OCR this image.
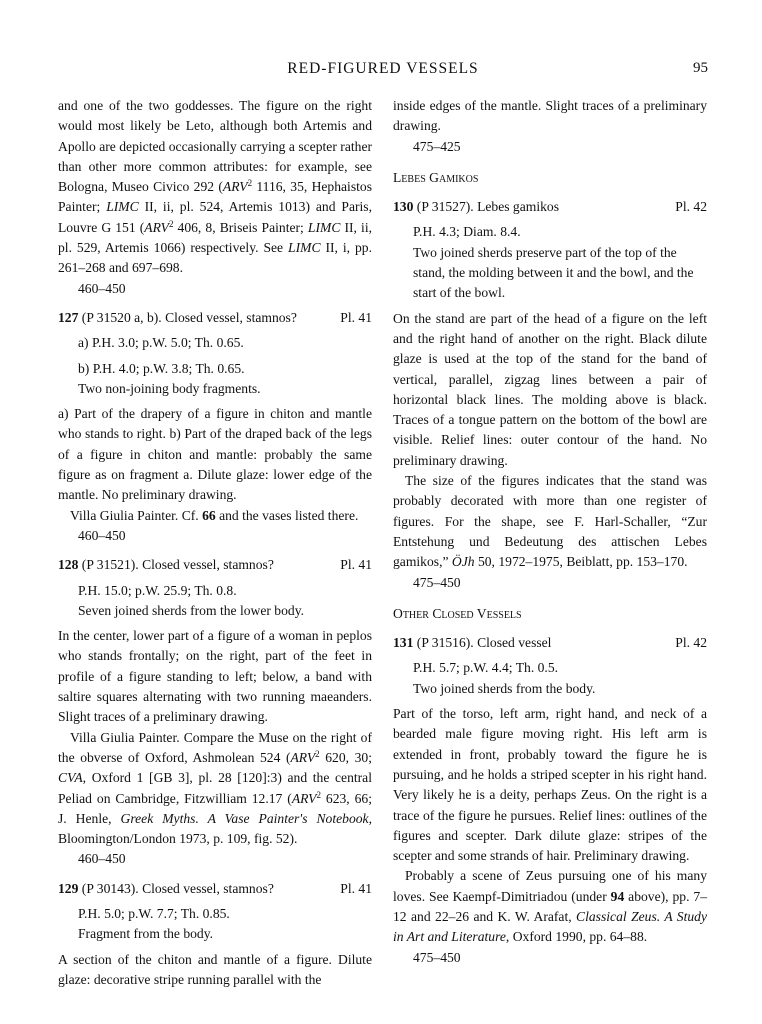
RED-FIGURED VESSELS	95

and one of the two goddesses. The figure on the right would most likely be Leto, although both Artemis and Apollo are depicted occasionally carrying a scepter rather than other more common attributes: for example, see Bologna, Museo Civico 292 (ARV$^2$ 1116, 35, Hephaistos Painter; LIMC II, ii, pl. 524, Artemis 1013) and Paris, Louvre G 151 (ARV$^2$ 406, 8, Briseis Painter; LIMC II, ii, pl. 529, Artemis 1066) respectively. See LIMC II, i, pp. 261–268 and 697–698.

460–450

127 (P 31520 a, b). Closed vessel, stamnos?	Pl. 41

a) P.H. 3.0; p.W. 5.0; Th. 0.65.

b) P.H. 4.0; p.W. 3.8; Th. 0.65.

Two non-joining body fragments.

a) Part of the drapery of a figure in chiton and mantle who stands to right. b) Part of the draped back of the legs of a figure in chiton and mantle: probably the same figure as on fragment a. Dilute glaze: lower edge of the mantle. No preliminary drawing.

Villa Giulia Painter. Cf. 66 and the vases listed there.

460–450

128 (P 31521). Closed vessel, stamnos?	Pl. 41

P.H. 15.0; p.W. 25.9; Th. 0.8.

Seven joined sherds from the lower body.

In the center, lower part of a figure of a woman in peplos who stands frontally; on the right, part of the feet in profile of a figure standing to left; below, a band with saltire squares alternating with two running maeanders. Slight traces of a preliminary drawing.

Villa Giulia Painter. Compare the Muse on the right of the obverse of Oxford, Ashmolean 524 (ARV$^2$ 620, 30; CVA, Oxford 1 [GB 3], pl. 28 [120]:3) and the central Peliad on Cambridge, Fitzwilliam 12.17 (ARV$^2$ 623, 66; J. Henle, Greek Myths. A Vase Painter's Notebook, Bloomington/London 1973, p. 109, fig. 52).

460–450

129 (P 30143). Closed vessel, stamnos?	Pl. 41

P.H. 5.0; p.W. 7.7; Th. 0.85.

Fragment from the body.

A section of the chiton and mantle of a figure. Dilute glaze: decorative stripe running parallel with the

inside edges of the mantle. Slight traces of a preliminary drawing.

475–425

Lebes Gamikos

130 (P 31527). Lebes gamikos	Pl. 42

P.H. 4.3; Diam. 8.4.

Two joined sherds preserve part of the top of the stand, the molding between it and the bowl, and the start of the bowl.

On the stand are part of the head of a figure on the left and the right hand of another on the right. Black dilute glaze is used at the top of the stand for the band of vertical, parallel, zigzag lines between a pair of horizontal black lines. The molding above is black. Traces of a tongue pattern on the bottom of the bowl are visible. Relief lines: outer contour of the hand. No preliminary drawing.

The size of the figures indicates that the stand was probably decorated with more than one register of figures. For the shape, see F. Harl-Schaller, “Zur Entstehung und Bedeutung des attischen Lebes gamikos,” ÖJh 50, 1972–1975, Beiblatt, pp. 153–170.

475–450

Other Closed Vessels

131 (P 31516). Closed vessel	Pl. 42

P.H. 5.7; p.W. 4.4; Th. 0.5.

Two joined sherds from the body.

Part of the torso, left arm, right hand, and neck of a bearded male figure moving right. His left arm is extended in front, probably toward the figure he is pursuing, and he holds a striped scepter in his right hand. Very likely he is a deity, perhaps Zeus. On the right is a trace of the figure he pursues. Relief lines: outlines of the figures and scepter. Dark dilute glaze: stripes of the scepter and some strands of hair. Preliminary drawing.

Probably a scene of Zeus pursuing one of his many loves. See Kaempf-Dimitriadou (under 94 above), pp. 7–12 and 22–26 and K. W. Arafat, Classical Zeus. A Study in Art and Literature, Oxford 1990, pp. 64–88.

475–450
